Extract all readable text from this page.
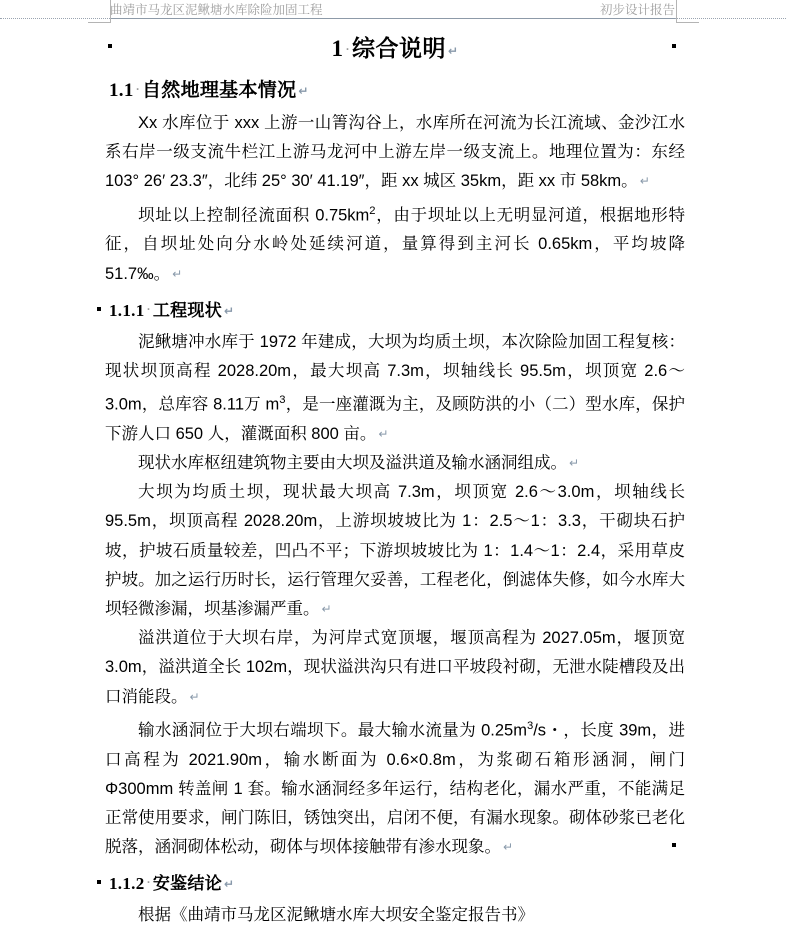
曲靖市马龙区泥鳅塘水库除险加固工程	初步设计报告
1 ·综合说明 ↵
1.1 · 自然地理基本情况 ↵

Xx 水库位于 xxx 上游一山箐沟谷上，水库所在河流为长江流域、金沙江水系右岸一级支流牛栏江上游马龙河中上游左岸一级支流上。地理位置为：东经 103° 26′ 23.3″，北纬 25° 30′ 41.19″，距 xx 城区 35km，距 xx 市 58km。 ↵

坝址以上控制径流面积 $0.75km^2$，由于坝址以上无明显河道，根据地形特征，自坝址处向分水岭处延续河道，量算得到主河长 0.65km，平均坡降 51.7‰。 ↵

1.1.1 · 工程现状 ↵

泥鳅塘冲水库于 1972 年建成，大坝为均质土坝，本次除险加固工程复核：现状坝顶高程 2028.20m，最大坝高 7.3m，坝轴线长 95.5m，坝顶宽 2.6～3.0m，总库容 8.11万 $m^3$，是一座灌溉为主，及顾防洪的小（二）型水库，保护下游人口 650 人，灌溉面积 800 亩。 ↵

现状水库枢纽建筑物主要由大坝及溢洪道及输水涵洞组成。 ↵

大坝为均质土坝，现状最大坝高 7.3m，坝顶宽 2.6～3.0m，坝轴线长 95.5m，坝顶高程 2028.20m，上游坝坡坡比为 1：2.5～1：3.3，干砌块石护坡，护坡石质量较差，凹凸不平；下游坝坡坡比为 1：1.4～1：2.4，采用草皮护坡。加之运行历时长，运行管理欠妥善，工程老化，倒滤体失修，如今水库大坝轻微渗漏，坝基渗漏严重。 ↵

溢洪道位于大坝右岸，为河岸式宽顶堰，堰顶高程为 2027.05m，堰顶宽 3.0m，溢洪道全长 102m，现状溢洪沟只有进口平坡段衬砌，无泄水陡槽段及出口消能段。 ↵

输水涵洞位于大坝右端坝下。最大输水流量为 $0.25m^3/s$・，长度 39m，进口高程为 2021.90m，输水断面为 0.6×0.8m，为浆砌石箱形涵洞，闸门Φ300mm 转盖闸 1 套。输水涵洞经多年运行，结构老化，漏水严重，不能满足正常使用要求，闸门陈旧，锈蚀突出，启闭不便，有漏水现象。砌体砂浆已老化脱落，涵洞砌体松动，砌体与坝体接触带有渗水现象。 ↵

1.1.2 · 安鉴结论 ↵

根据《曲靖市马龙区泥鳅塘水库大坝安全鉴定报告书》
